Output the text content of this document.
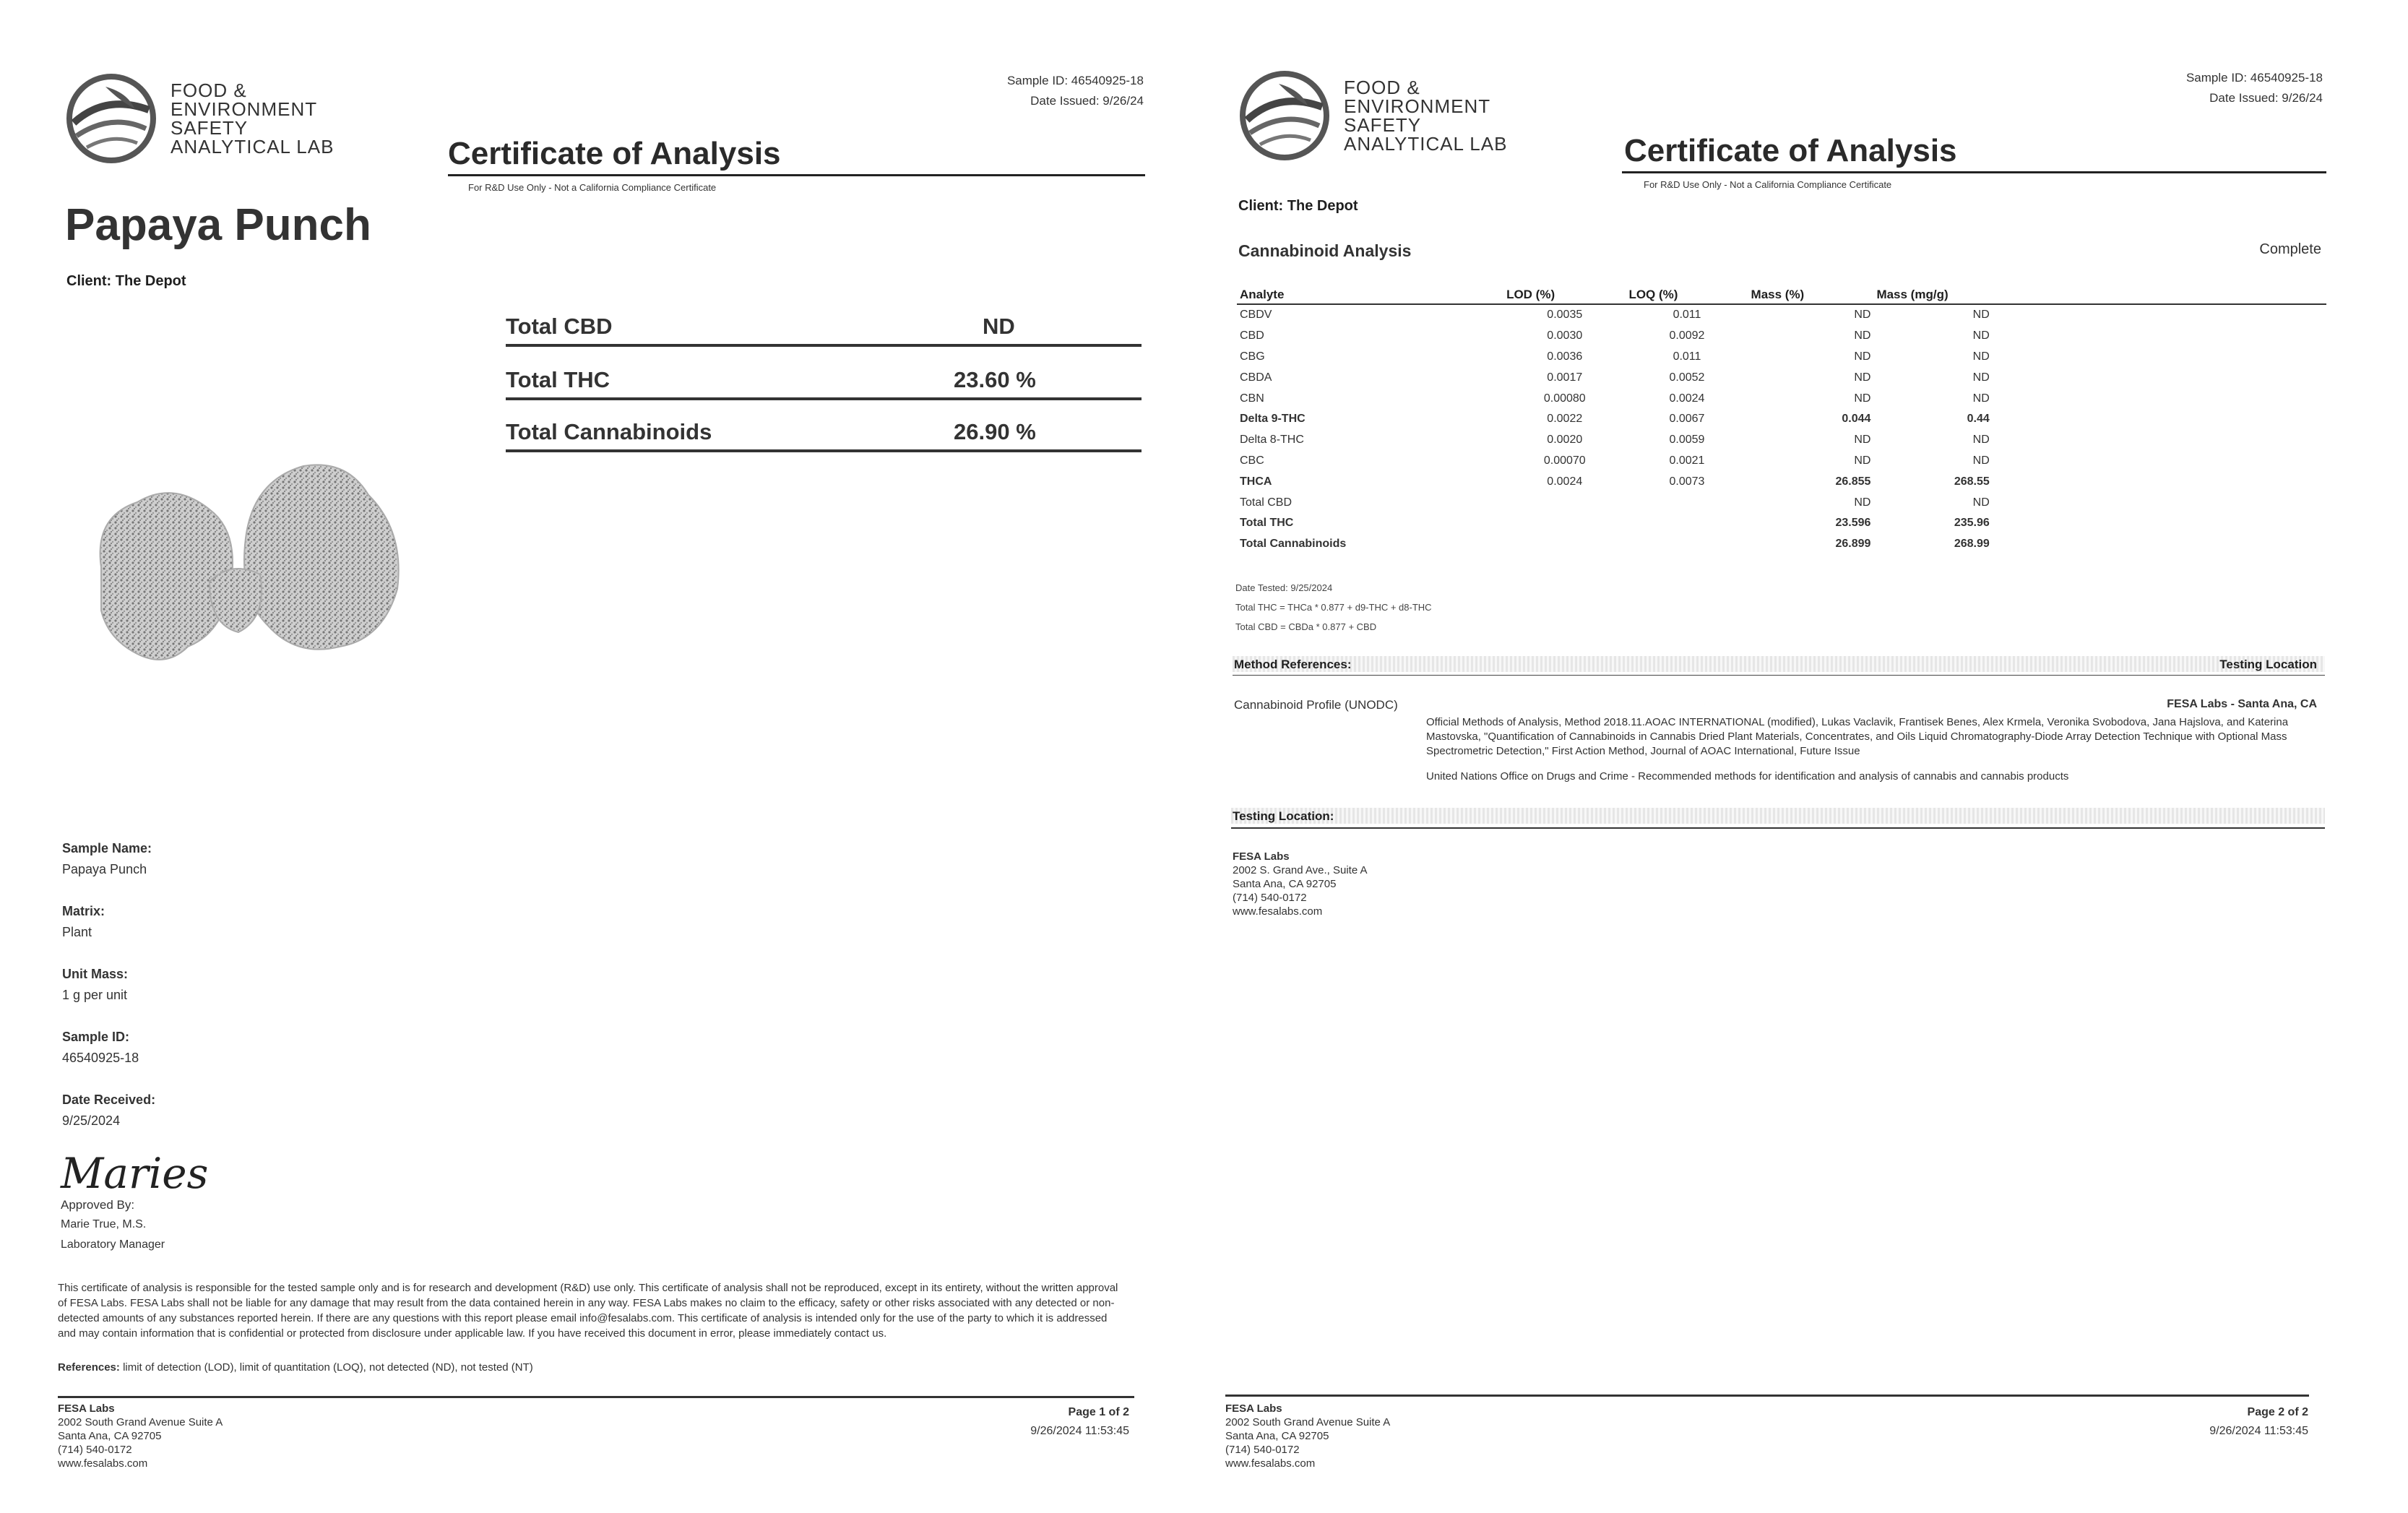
FOOD &
ENVIRONMENT
SAFETY
ANALYTICAL LAB
Sample ID: 46540925-18
Date Issued: 9/26/24
Certificate of Analysis
For R&D Use Only - Not a California Compliance Certificate
Papaya Punch
Client: The Depot
Total CBD	ND
Total THC	23.60 %
Total Cannabinoids	26.90 %
Sample Name:
Papaya Punch
Matrix:
Plant
Unit Mass:
1 g per unit
Sample ID:
46540925-18
Date Received:
9/25/2024
Maries
Approved By:
Marie True, M.S.
Laboratory Manager
This certificate of analysis is responsible for the tested sample only and is for research and development (R&D) use only. This certificate of analysis shall not be reproduced, except in its entirety, without the written approval of FESA Labs. FESA Labs shall not be liable for any damage that may result from the data contained herein in any way. FESA Labs makes no claim to the efficacy, safety or other risks associated with any detected or non-detected amounts of any substances reported herein. If there are any questions with this report please email info@fesalabs.com. This certificate of analysis is intended only for the use of the party to which it is addressed and may contain information that is confidential or protected from disclosure under applicable law. If you have received this document in error, please immediately contact us.
References: limit of detection (LOD), limit of quantitation (LOQ), not detected (ND), not tested (NT)
FESA Labs
2002 South Grand Avenue Suite A
Santa Ana, CA 92705
(714) 540-0172
www.fesalabs.com
Page 1 of 2
9/26/2024 11:53:45
FOOD &
ENVIRONMENT
SAFETY
ANALYTICAL LAB
Sample ID: 46540925-18
Date Issued: 9/26/24
Certificate of Analysis
For R&D Use Only - Not a California Compliance Certificate
Client: The Depot
Cannabinoid Analysis	Complete
Analyte	LOD (%)	LOQ (%)	Mass (%)	Mass (mg/g)	
CBDV	0.0035	0.011	ND	ND	
CBD	0.0030	0.0092	ND	ND	
CBG	0.0036	0.011	ND	ND	
CBDA	0.0017	0.0052	ND	ND	
CBN	0.00080	0.0024	ND	ND	
Delta 9-THC	0.0022	0.0067	0.044	0.44	
Delta 8-THC	0.0020	0.0059	ND	ND	
CBC	0.00070	0.0021	ND	ND	
THCA	0.0024	0.0073	26.855	268.55	
Total CBD			ND	ND	
Total THC			23.596	235.96	
Total Cannabinoids			26.899	268.99	
Date Tested: 9/25/2024
Total THC = THCa * 0.877 + d9-THC + d8-THC
Total CBD = CBDa * 0.877 + CBD
Method References:	Testing Location
Cannabinoid Profile (UNODC)	FESA Labs - Santa Ana, CA
Official Methods of Analysis, Method 2018.11.AOAC INTERNATIONAL (modified), Lukas Vaclavik, Frantisek Benes, Alex Krmela, Veronika Svobodova, Jana Hajslova, and Katerina Mastovska, "Quantification of Cannabinoids in Cannabis Dried Plant Materials, Concentrates, and Oils Liquid Chromatography-Diode Array Detection Technique with Optional Mass Spectrometric Detection," First Action Method, Journal of AOAC International, Future Issue
United Nations Office on Drugs and Crime - Recommended methods for identification and analysis of cannabis and cannabis products
Testing Location:
FESA Labs
2002 S. Grand Ave., Suite A
Santa Ana, CA 92705
(714) 540-0172
www.fesalabs.com
FESA Labs
2002 South Grand Avenue Suite A
Santa Ana, CA 92705
(714) 540-0172
www.fesalabs.com
Page 2 of 2
9/26/2024 11:53:45
